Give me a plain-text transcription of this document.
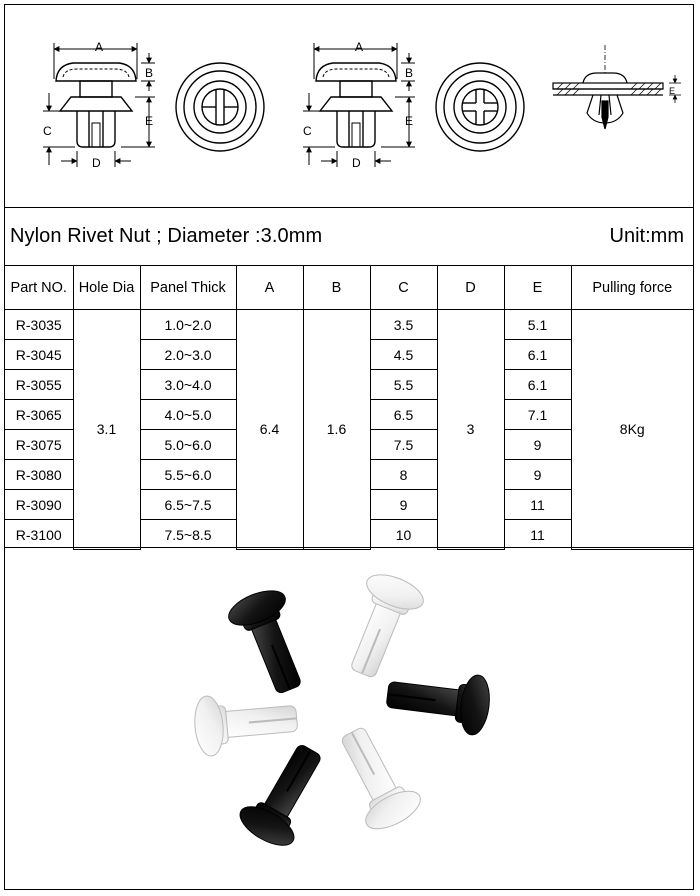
A
B
E
C
D
A
B
E
C
D
E
Nylon Rivet Nut ; Diameter :3.0mm	Unit:mm
Part NO.	Hole Dia	Panel Thick	A	B	C	D	E	Pulling force
R-3035	3.1	1.0~2.0	6.4	1.6	3.5	3	5.1	8Kg
R-3045		2.0~3.0			4.5		6.1	
R-3055		3.0~4.0			5.5		6.1	
R-3065		4.0~5.0			6.5		7.1	
R-3075		5.0~6.0			7.5		9	
R-3080		5.5~6.0			8		9	
R-3090		6.5~7.5			9		11	
R-3100		7.5~8.5			10		11	
